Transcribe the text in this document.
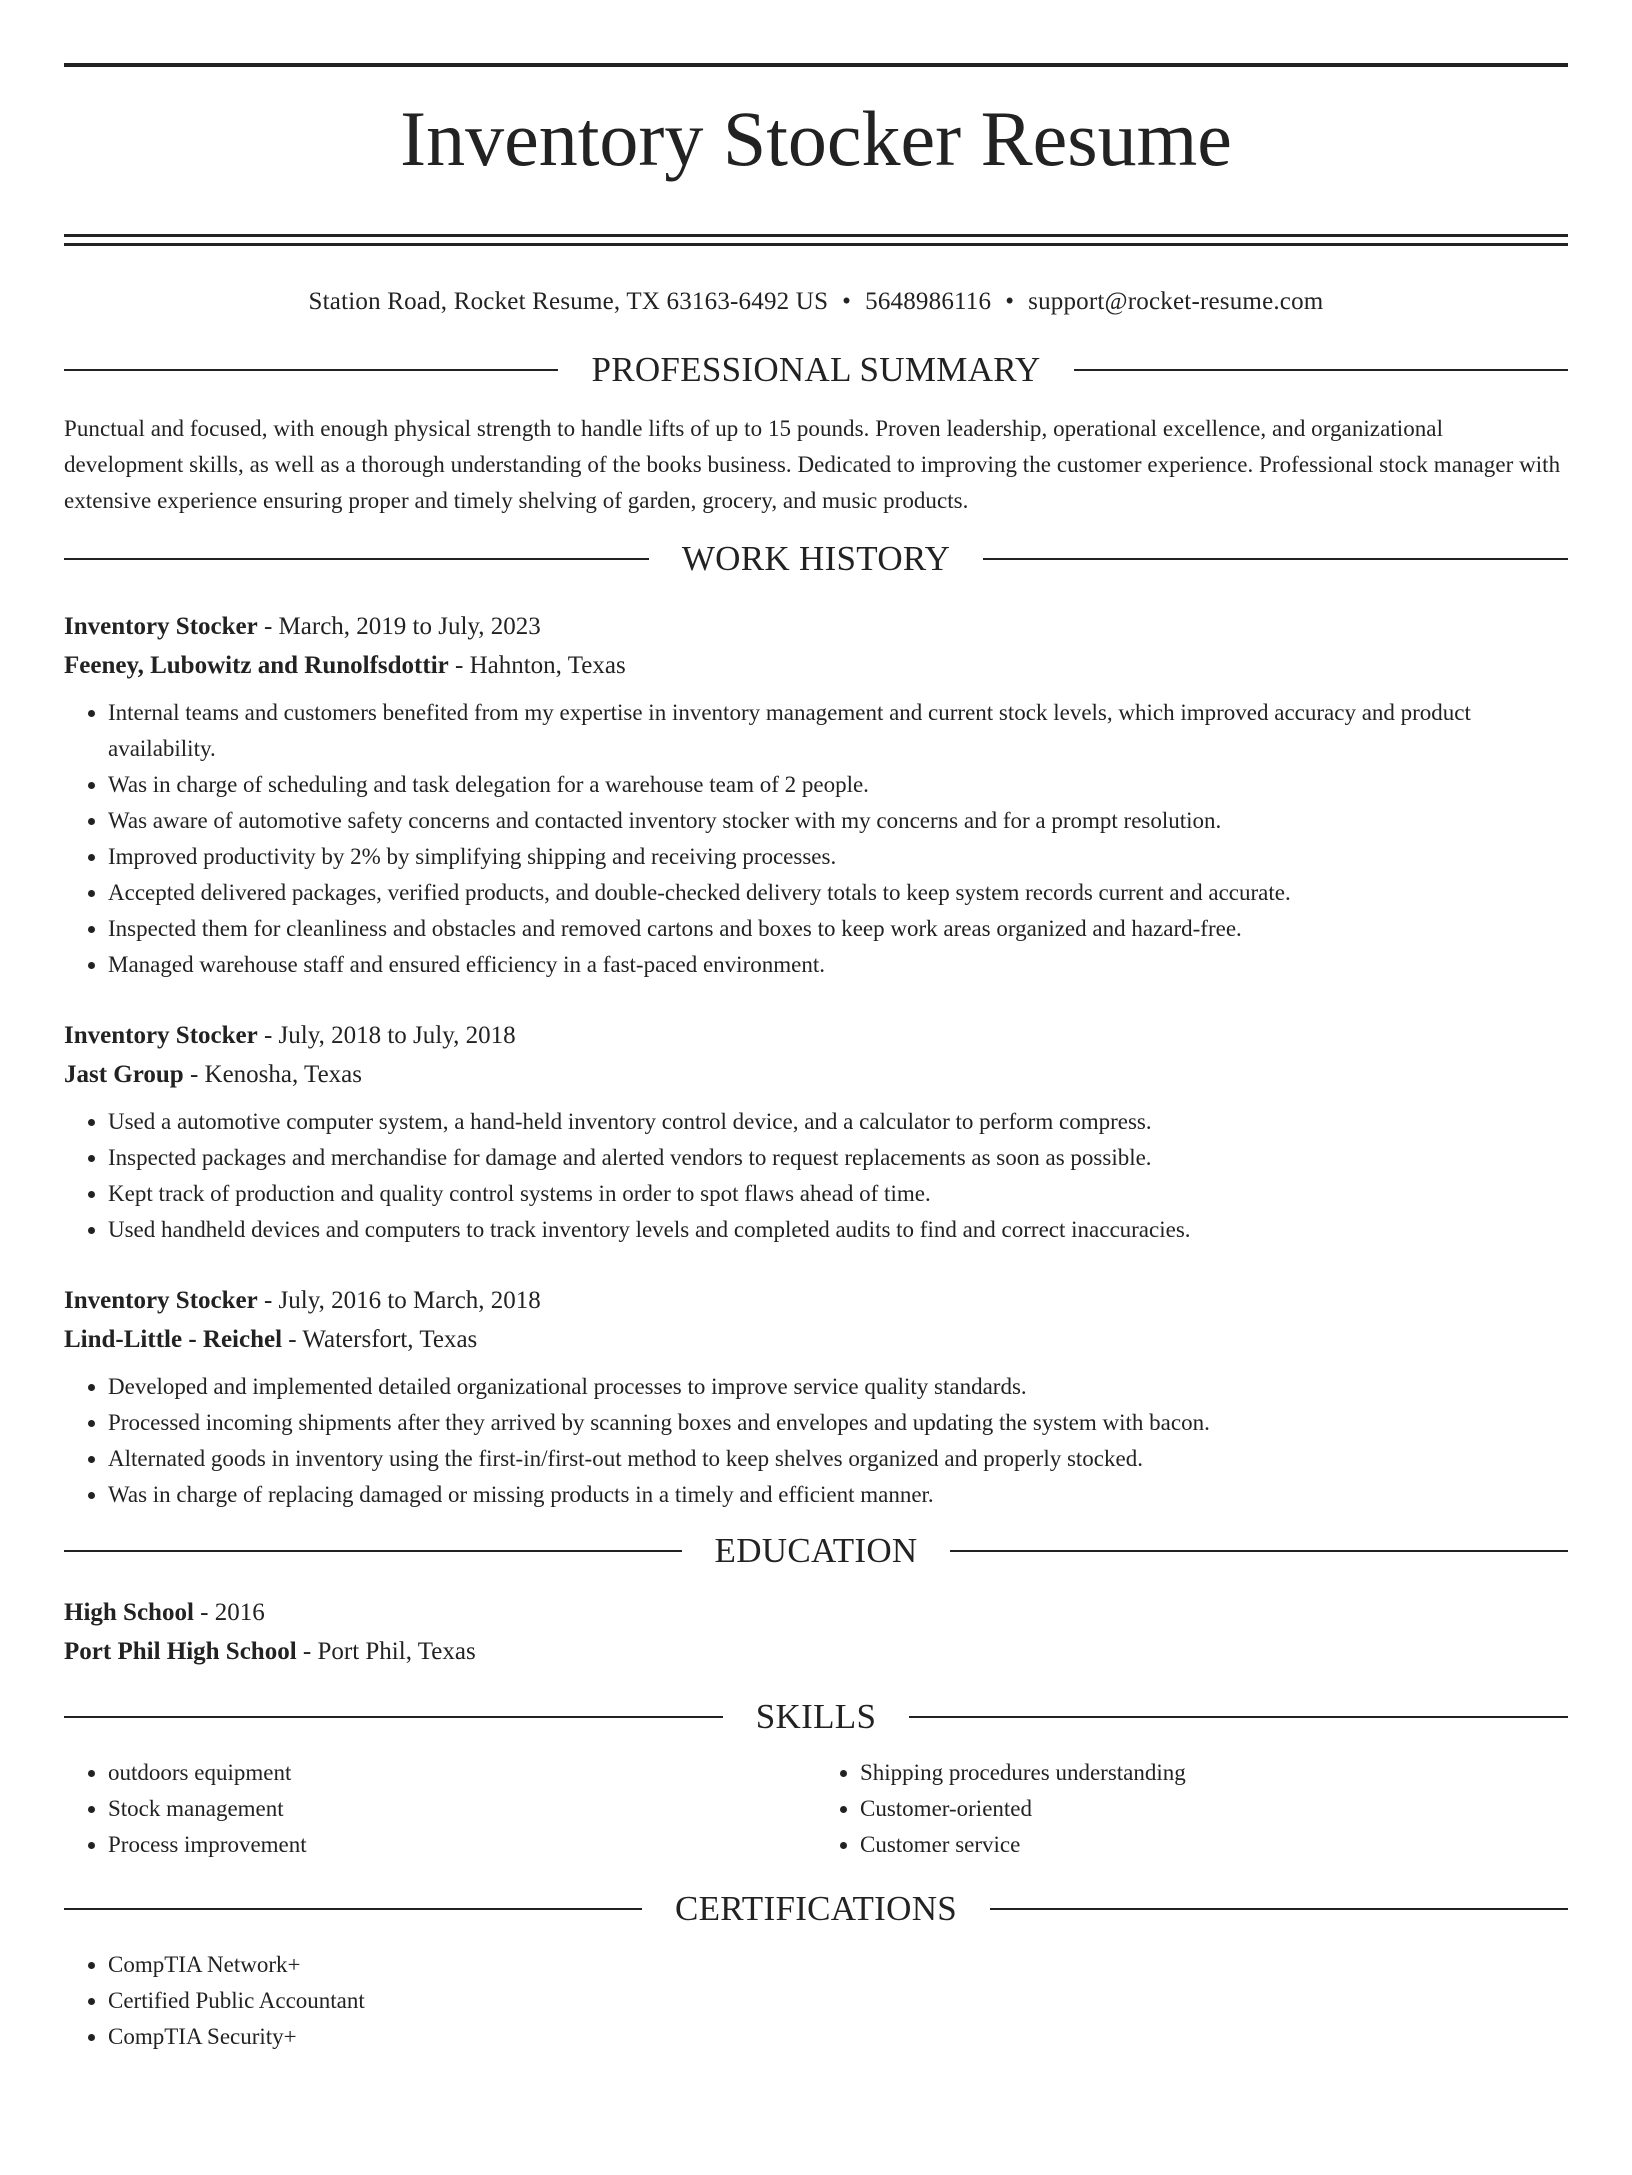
Inventory Stocker Resume
Station Road, Rocket Resume, TX 63163-6492 US • 5648986116 • support@rocket-resume.com
PROFESSIONAL SUMMARY

Punctual and focused, with enough physical strength to handle lifts of up to 15 pounds. Proven leadership, operational excellence, and organizational development skills, as well as a thorough understanding of the books business. Dedicated to improving the customer experience. Professional stock manager with extensive experience ensuring proper and timely shelving of garden, grocery, and music products.

WORK HISTORY
Inventory Stocker - March, 2019 to July, 2023
Feeney, Lubowitz and Runolfsdottir - Hahnton, Texas
• Internal teams and customers benefited from my expertise in inventory management and current stock levels, which improved accuracy and product availability.
• Was in charge of scheduling and task delegation for a warehouse team of 2 people.
• Was aware of automotive safety concerns and contacted inventory stocker with my concerns and for a prompt resolution.
• Improved productivity by 2% by simplifying shipping and receiving processes.
• Accepted delivered packages, verified products, and double-checked delivery totals to keep system records current and accurate.
• Inspected them for cleanliness and obstacles and removed cartons and boxes to keep work areas organized and hazard-free.
• Managed warehouse staff and ensured efficiency in a fast-paced environment.
Inventory Stocker - July, 2018 to July, 2018
Jast Group - Kenosha, Texas
• Used a automotive computer system, a hand-held inventory control device, and a calculator to perform compress.
• Inspected packages and merchandise for damage and alerted vendors to request replacements as soon as possible.
• Kept track of production and quality control systems in order to spot flaws ahead of time.
• Used handheld devices and computers to track inventory levels and completed audits to find and correct inaccuracies.
Inventory Stocker - July, 2016 to March, 2018
Lind-Little - Reichel - Watersfort, Texas
• Developed and implemented detailed organizational processes to improve service quality standards.
• Processed incoming shipments after they arrived by scanning boxes and envelopes and updating the system with bacon.
• Alternated goods in inventory using the first-in/first-out method to keep shelves organized and properly stocked.
• Was in charge of replacing damaged or missing products in a timely and efficient manner.
EDUCATION
High School - 2016
Port Phil High School - Port Phil, Texas
SKILLS
• outdoors equipment
• Stock management
• Process improvement
• Shipping procedures understanding
• Customer-oriented
• Customer service
CERTIFICATIONS
• CompTIA Network+
• Certified Public Accountant
• CompTIA Security+
